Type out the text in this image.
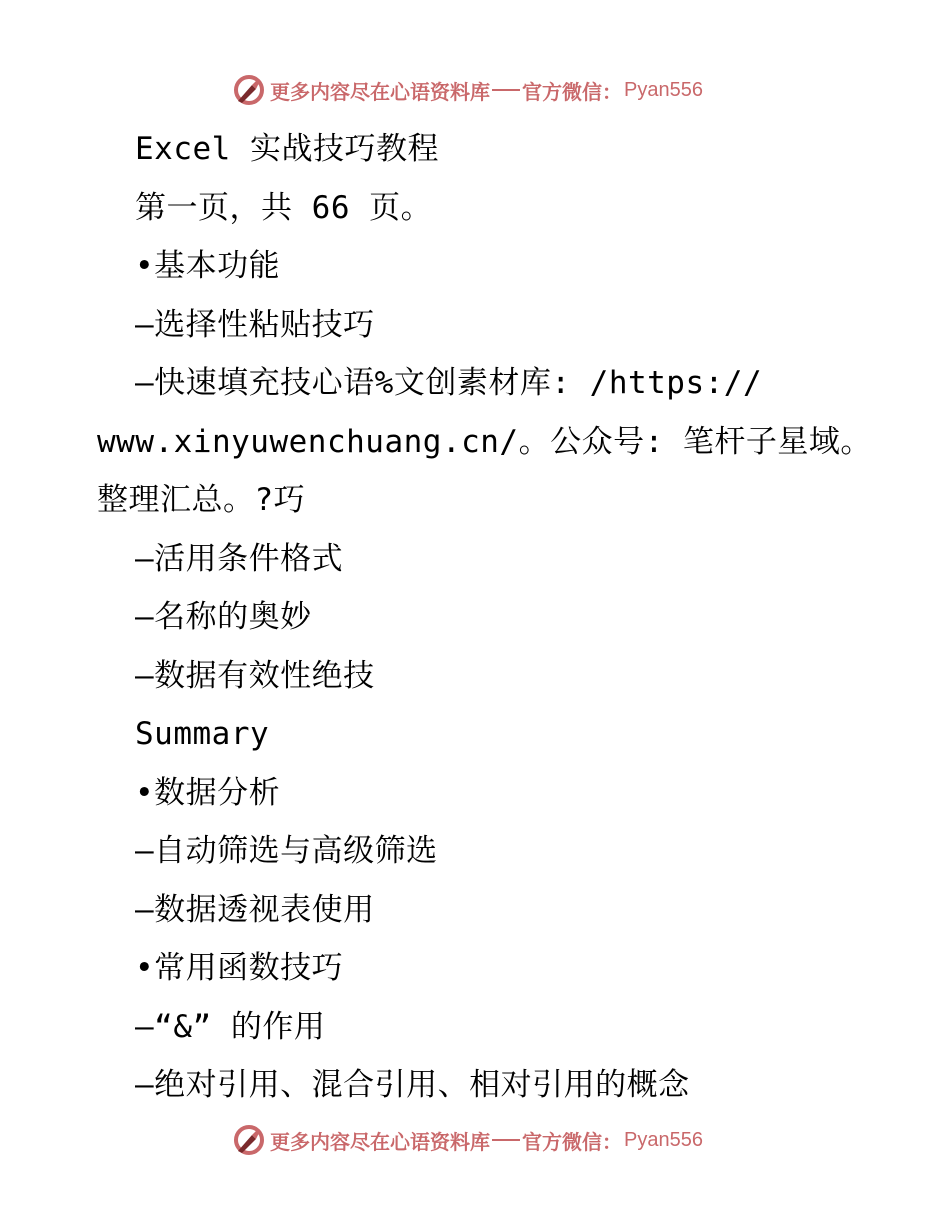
更多内容尽在心语资料库 官方微信： Pyan556
Excel 实战技巧教程
第一页，共 66 页。
•基本功能
–选择性粘贴技巧
–快速填充技心语%文创素材库: /https://
www.xinyuwenchuang.cn/。公众号: 笔杆子星域。
整理汇总。?巧
–活用条件格式
–名称的奥妙
–数据有效性绝技
Summary
•数据分析
–自动筛选与高级筛选
–数据透视表使用
•常用函数技巧
–“&” 的作用
–绝对引用、混合引用、相对引用的概念
更多内容尽在心语资料库 官方微信： Pyan556
